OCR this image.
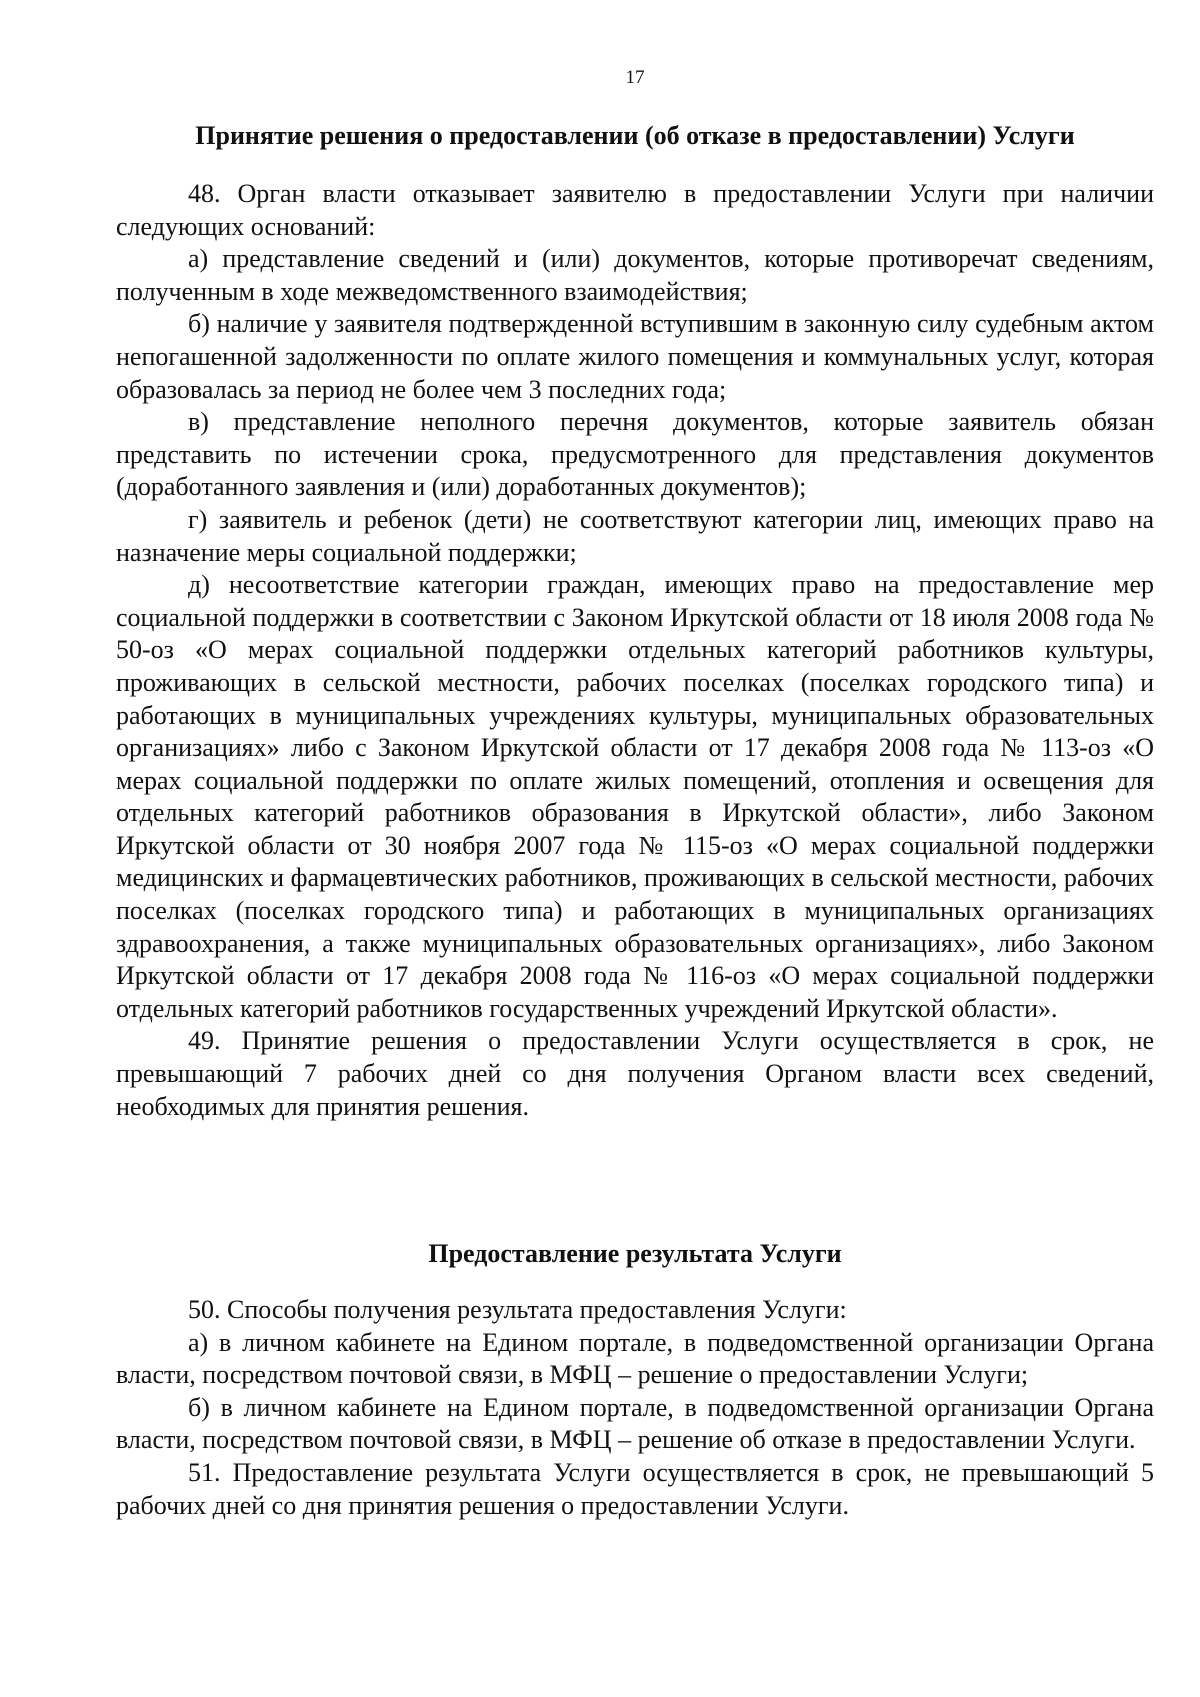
17
Принятие решения о предоставлении (об отказе в предоставлении) Услуги

48. Орган власти отказывает заявителю в предоставлении Услуги при наличии следующих оснований:

а) представление сведений и (или) документов, которые противоречат сведениям, полученным в ходе межведомственного взаимодействия;

б) наличие у заявителя подтвержденной вступившим в законную силу судебным актом непогашенной задолженности по оплате жилого помещения и коммунальных услуг, которая образовалась за период не более чем 3 последних года;

в) представление неполного перечня документов, которые заявитель обязан представить по истечении срока, предусмотренного для представления документов (доработанного заявления и (или) доработанных документов);

г) заявитель и ребенок (дети) не соответствуют категории лиц, имеющих право на назначение меры социальной поддержки;

д) несоответствие категории граждан, имеющих право на предоставление мер социальной поддержки в соответствии с Законом Иркутской области от 18 июля 2008 года № 50-оз «О мерах социальной поддержки отдельных категорий работников культуры, проживающих в сельской местности, рабочих поселках (поселках городского типа) и работающих в муниципальных учреждениях культуры, муниципальных образовательных организациях» либо с Законом Иркутской области от 17 декабря 2008 года № 113-оз «О мерах социальной поддержки по оплате жилых помещений, отопления и освещения для отдельных категорий работников образования в Иркутской области», либо Законом Иркутской области от 30 ноября 2007 года № 115-оз «О мерах социальной поддержки медицинских и фармацевтических работников, проживающих в сельской местности, рабочих поселках (поселках городского типа) и работающих в муниципальных организациях здравоохранения, а также муниципальных образовательных организациях», либо Законом Иркутской области от 17 декабря 2008 года № 116-оз «О мерах социальной поддержки отдельных категорий работников государственных учреждений Иркутской области».

49. Принятие решения о предоставлении Услуги осуществляется в срок, не превышающий 7 рабочих дней со дня получения Органом власти всех сведений, необходимых для принятия решения.

Предоставление результата Услуги

50. Способы получения результата предоставления Услуги:

а) в личном кабинете на Едином портале, в подведомственной организации Органа власти, посредством почтовой связи, в МФЦ – решение о предоставлении Услуги;

б) в личном кабинете на Едином портале, в подведомственной организации Органа власти, посредством почтовой связи, в МФЦ – решение об отказе в предоставлении Услуги.

51. Предоставление результата Услуги осуществляется в срок, не превышающий 5 рабочих дней со дня принятия решения о предоставлении Услуги.
